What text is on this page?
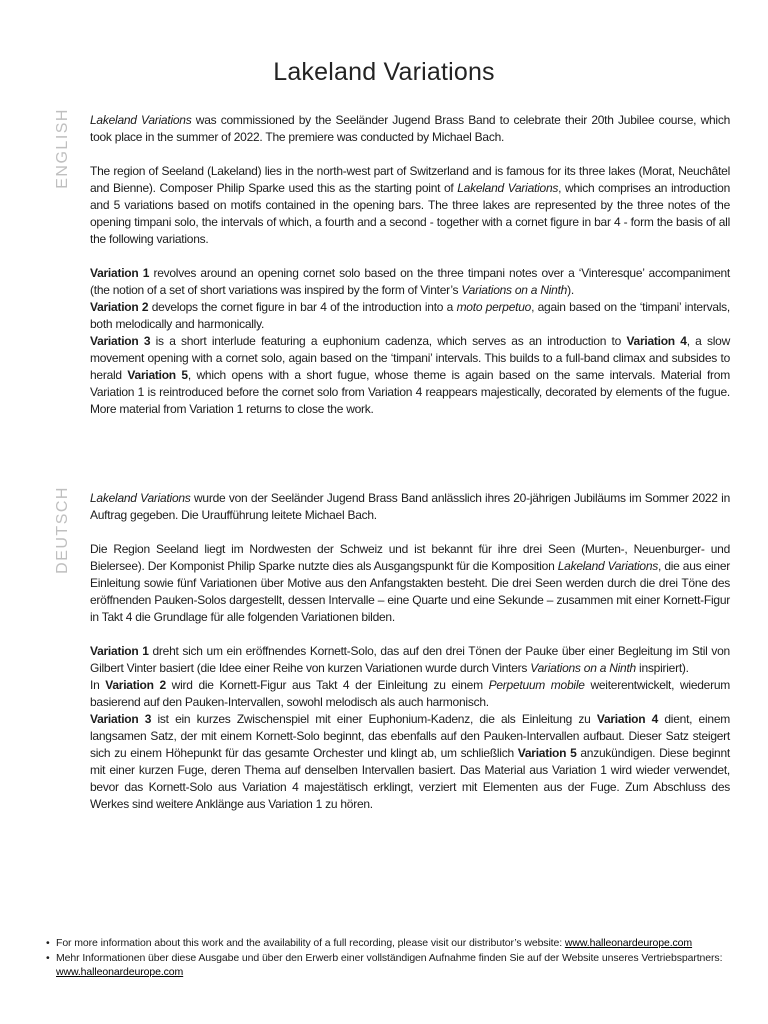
Lakeland Variations
ENGLISH Lakeland Variations was commissioned by the Seeländer Jugend Brass Band to celebrate their 20th Jubilee course, which took place in the summer of 2022. The premiere was conducted by Michael Bach.

The region of Seeland (Lakeland) lies in the north-west part of Switzerland and is famous for its three lakes (Morat, Neuchâtel and Bienne). Composer Philip Sparke used this as the starting point of Lakeland Variations, which comprises an introduction and 5 variations based on motifs contained in the opening bars. The three lakes are represented by the three notes of the opening timpani solo, the intervals of which, a fourth and a second - together with a cornet figure in bar 4 - form the basis of all the following variations.

Variation 1 revolves around an opening cornet solo based on the three timpani notes over a ‘Vinteresque’ accompaniment (the notion of a set of short variations was inspired by the form of Vinter’s Variations on a Ninth).

Variation 2 develops the cornet figure in bar 4 of the introduction into a moto perpetuo, again based on the ‘timpani’ intervals, both melodically and harmonically.

Variation 3 is a short interlude featuring a euphonium cadenza, which serves as an introduction to Variation 4, a slow movement opening with a cornet solo, again based on the ‘timpani’ intervals. This builds to a full-band climax and subsides to herald Variation 5, which opens with a short fugue, whose theme is again based on the same intervals. Material from Variation 1 is reintroduced before the cornet solo from Variation 4 reappears majestically, decorated by elements of the fugue. More material from Variation 1 returns to close the work.

DEUTSCH Lakeland Variations wurde von der Seeländer Jugend Brass Band anlässlich ihres 20-jährigen Jubiläums im Sommer 2022 in Auftrag gegeben. Die Uraufführung leitete Michael Bach.

Die Region Seeland liegt im Nordwesten der Schweiz und ist bekannt für ihre drei Seen (Murten-, Neuenburger- und Bielersee). Der Komponist Philip Sparke nutzte dies als Ausgangspunkt für die Komposition Lakeland Variations, die aus einer Einleitung sowie fünf Variationen über Motive aus den Anfangstakten besteht. Die drei Seen werden durch die drei Töne des eröffnenden Pauken-Solos dargestellt, dessen Intervalle – eine Quarte und eine Sekunde – zusammen mit einer Kornett-Figur in Takt 4 die Grundlage für alle folgenden Variationen bilden.

Variation 1 dreht sich um ein eröffnendes Kornett-Solo, das auf den drei Tönen der Pauke über einer Begleitung im Stil von Gilbert Vinter basiert (die Idee einer Reihe von kurzen Variationen wurde durch Vinters Variations on a Ninth inspiriert).

In Variation 2 wird die Kornett-Figur aus Takt 4 der Einleitung zu einem Perpetuum mobile weiterentwickelt, wiederum basierend auf den Pauken-Intervallen, sowohl melodisch als auch harmonisch.

Variation 3 ist ein kurzes Zwischenspiel mit einer Euphonium-Kadenz, die als Einleitung zu Variation 4 dient, einem langsamen Satz, der mit einem Kornett-Solo beginnt, das ebenfalls auf den Pauken-Intervallen aufbaut. Dieser Satz steigert sich zu einem Höhepunkt für das gesamte Orchester und klingt ab, um schließlich Variation 5 anzukündigen. Diese beginnt mit einer kurzen Fuge, deren Thema auf denselben Intervallen basiert. Das Material aus Variation 1 wird wieder verwendet, bevor das Kornett-Solo aus Variation 4 majestätisch erklingt, verziert mit Elementen aus der Fuge. Zum Abschluss des Werkes sind weitere Anklänge aus Variation 1 zu hören.

• For more information about this work and the availability of a full recording, please visit our distributor’s website: www.halleonardeurope.com
• Mehr Informationen über diese Ausgabe und über den Erwerb einer vollständigen Aufnahme finden Sie auf der Website unseres Vertriebspartners: www.halleonardeurope.com
